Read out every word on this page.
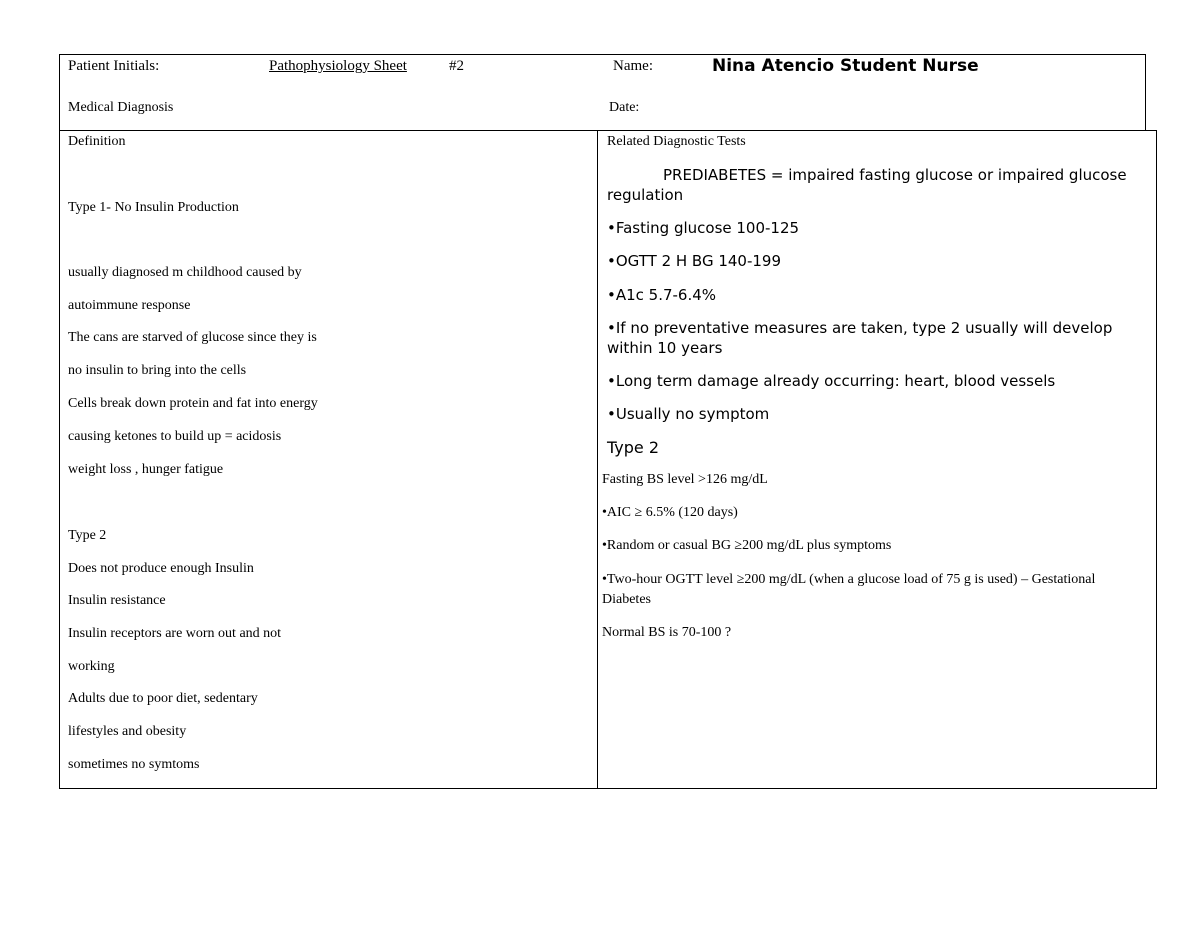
Patient Initials:	Pathophysiology Sheet	#2	Name:	Nina Atencio Student Nurse
Medical Diagnosis	Date:
Definition
Type 1- No Insulin Production
usually diagnosed m childhood caused by
autoimmune response
The cans are starved of glucose since they is
no insulin to bring into the cells
Cells break down protein and fat into energy
causing ketones to build up = acidosis
weight loss , hunger fatigue
Type 2
Does not produce enough Insulin
Insulin resistance
Insulin receptors are worn out and not
working
Adults due to poor diet, sedentary
lifestyles and obesity
sometimes no symtoms
Related Diagnostic Tests
PREDIABETES = impaired fasting glucose or impaired glucose regulation
•Fasting glucose 100-125
•OGTT 2 H BG 140-199
•A1c 5.7-6.4%
•If no preventative measures are taken, type 2 usually will develop within 10 years
•Long term damage already occurring: heart, blood vessels
•Usually no symptom
Type 2
Fasting BS level >126 mg/dL
•AIC ≥ 6.5% (120 days)
•Random or casual BG ≥200 mg/dL plus symptoms
•Two-hour OGTT level ≥200 mg/dL (when a glucose load of 75 g is used) – Gestational Diabetes
Normal BS is 70-100 ?
